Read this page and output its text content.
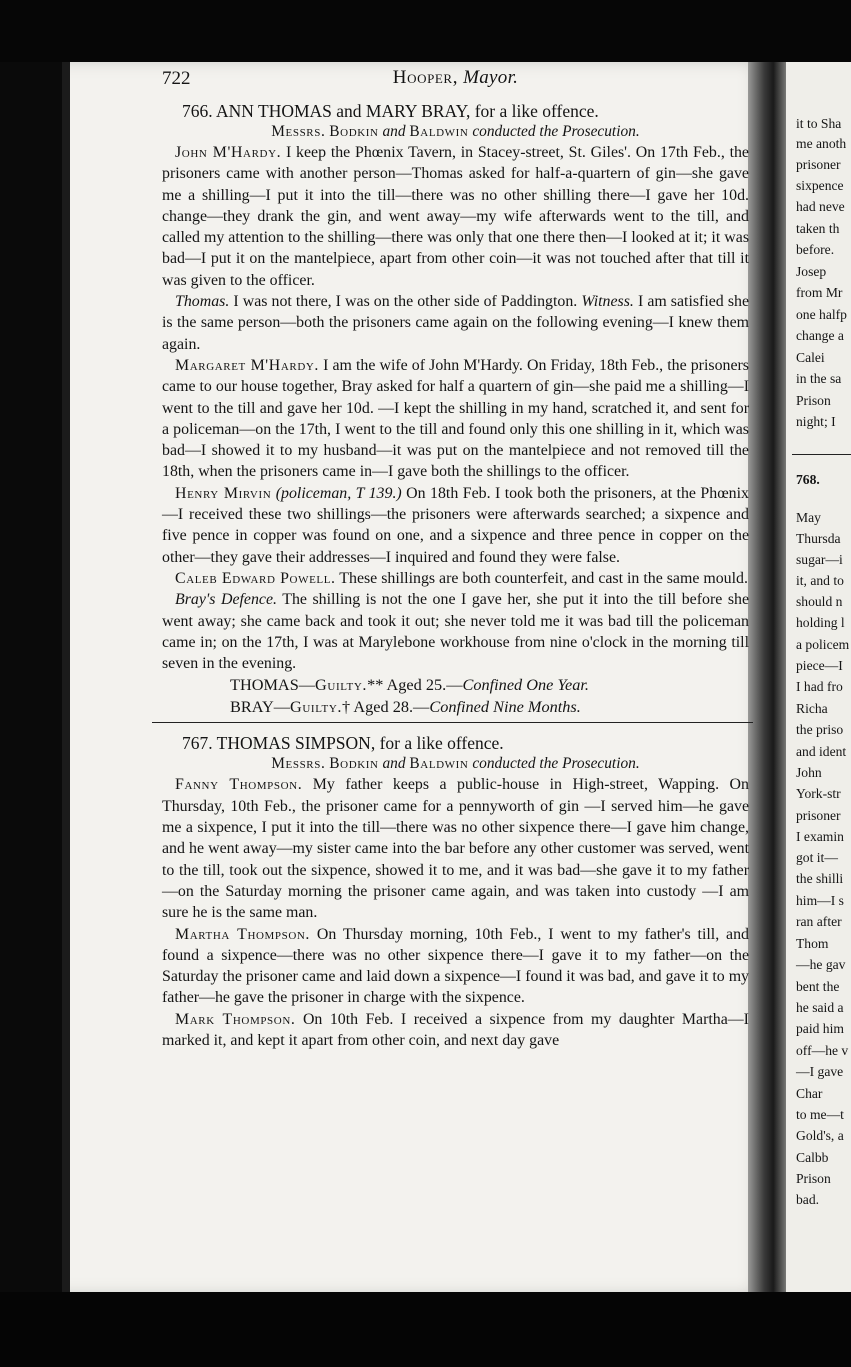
it to Sha
me anoth
prisoner
sixpence
had neve
taken th
before.
Josep
from Mr
one halfp
change a
Calei
in the sa
Prison
night; I
768.
May
Thursda
sugar—i
it, and to
should n
holding l
a policem
piece—I
I had fro
Richa
the priso
and ident
John
York-str
prisoner
I examin
got it—
the shilli
him—I s
ran after
Thom
—he gav
bent the
he said a
paid him
off—he v
—I gave
Char
to me—t
Gold's, a
Calbb
Prison
bad.
722	Hooper, Mayor.

766. ANN THOMAS and MARY BRAY, for a like offence.

Messrs. Bodkin and Baldwin conducted the Prosecution.

John M'Hardy. I keep the Phœnix Tavern, in Stacey-street, St. Giles'. On 17th Feb., the prisoners came with another person—Thomas asked for half-a-quartern of gin—she gave me a shilling—I put it into the till—there was no other shilling there—I gave her 10d. change—they drank the gin, and went away—my wife afterwards went to the till, and called my attention to the shilling—there was only that one there then—I looked at it; it was bad—I put it on the mantelpiece, apart from other coin—it was not touched after that till it was given to the officer.

Thomas. I was not there, I was on the other side of Paddington. Witness. I am satisfied she is the same person—both the prisoners came again on the following evening—I knew them again.

Margaret M'Hardy. I am the wife of John M'Hardy. On Friday, 18th Feb., the prisoners came to our house together, Bray asked for half a quartern of gin—she paid me a shilling—I went to the till and gave her 10d. —I kept the shilling in my hand, scratched it, and sent for a policeman—on the 17th, I went to the till and found only this one shilling in it, which was bad—I showed it to my husband—it was put on the mantelpiece and not removed till the 18th, when the prisoners came in—I gave both the shillings to the officer.

Henry Mirvin (policeman, T 139.) On 18th Feb. I took both the prisoners, at the Phœnix—I received these two shillings—the prisoners were afterwards searched; a sixpence and five pence in copper was found on one, and a sixpence and three pence in copper on the other—they gave their addresses—I inquired and found they were false.

Caleb Edward Powell. These shillings are both counterfeit, and cast in the same mould.

Bray's Defence. The shilling is not the one I gave her, she put it into the till before she went away; she came back and took it out; she never told me it was bad till the policeman came in; on the 17th, I was at Marylebone workhouse from nine o'clock in the morning till seven in the evening.

THOMAS—Guilty.** Aged 25.—Confined One Year.

BRAY—Guilty.† Aged 28.—Confined Nine Months.

767. THOMAS SIMPSON, for a like offence.

Messrs. Bodkin and Baldwin conducted the Prosecution.

Fanny Thompson. My father keeps a public-house in High-street, Wapping. On Thursday, 10th Feb., the prisoner came for a pennyworth of gin —I served him—he gave me a sixpence, I put it into the till—there was no other sixpence there—I gave him change, and he went away—my sister came into the bar before any other customer was served, went to the till, took out the sixpence, showed it to me, and it was bad—she gave it to my father—on the Saturday morning the prisoner came again, and was taken into custody —I am sure he is the same man.

Martha Thompson. On Thursday morning, 10th Feb., I went to my father's till, and found a sixpence—there was no other sixpence there—I gave it to my father—on the Saturday the prisoner came and laid down a sixpence—I found it was bad, and gave it to my father—he gave the prisoner in charge with the sixpence.

Mark Thompson. On 10th Feb. I received a sixpence from my daughter Martha—I marked it, and kept it apart from other coin, and next day gave
